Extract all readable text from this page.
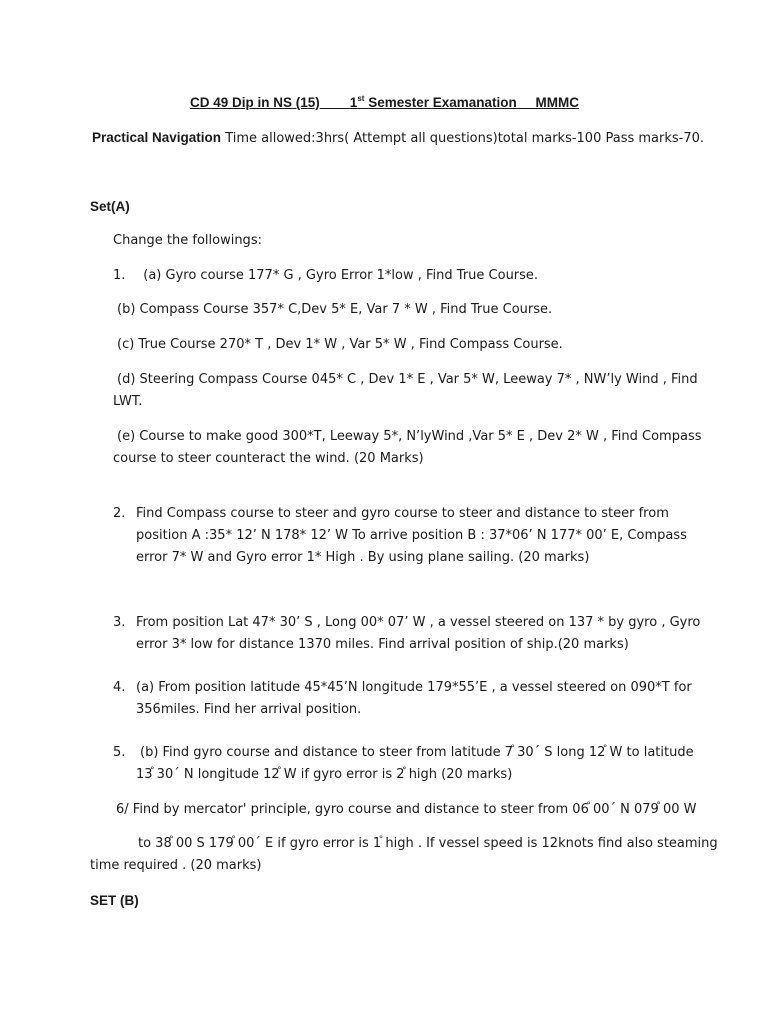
CD 49 Dip in NS (15) 1st Semester Examanation MMMC
Practical Navigation Time allowed:3hrs( Attempt all questions)total marks-100 Pass marks-70.
Set(A)
Change the followings:
1. (a) Gyro course 177* G , Gyro Error 1*low , Find True Course.
(b) Compass Course 357* C,Dev 5* E, Var 7 * W , Find True Course.
(c) True Course 270* T , Dev 1* W , Var 5* W , Find Compass Course.
(d) Steering Compass Course 045* C , Dev 1* E , Var 5* W, Leeway 7* , NW’ly Wind , Find
LWT.
(e) Course to make good 300*T, Leeway 5*, N’lyWind ,Var 5* E , Dev 2* W , Find Compass
course to steer counteract the wind. (20 Marks)
2. Find Compass course to steer and gyro course to steer and distance to steer from
position A :35* 12’ N 178* 12’ W To arrive position B : 37*06’ N 177* 00’ E, Compass
error 7* W and Gyro error 1* High . By using plane sailing. (20 marks)
3. From position Lat 47* 30’ S , Long 00* 07’ W , a vessel steered on 137 * by gyro , Gyro
error 3* low for distance 1370 miles. Find arrival position of ship.(20 marks)
4. (a) From position latitude 45*45’N longitude 179*55’E , a vessel steered on 090*T for
356miles. Find her arrival position.
5. (b) Find gyro course and distance to steer from latitude 7 ° 30´ S long 12 ° W to latitude
13 ° 30´ N longitude 12 ° W if gyro error is 2 ° high (20 marks)
6/ Find by mercator' principle, gyro course and distance to steer from 06 ° 00´ N 079 ° 00 W
to 38 ° 00 S 179 ° 00´ E if gyro error is 1 ° high . If vessel speed is 12knots find also steaming
time required . (20 marks)
SET (B)
